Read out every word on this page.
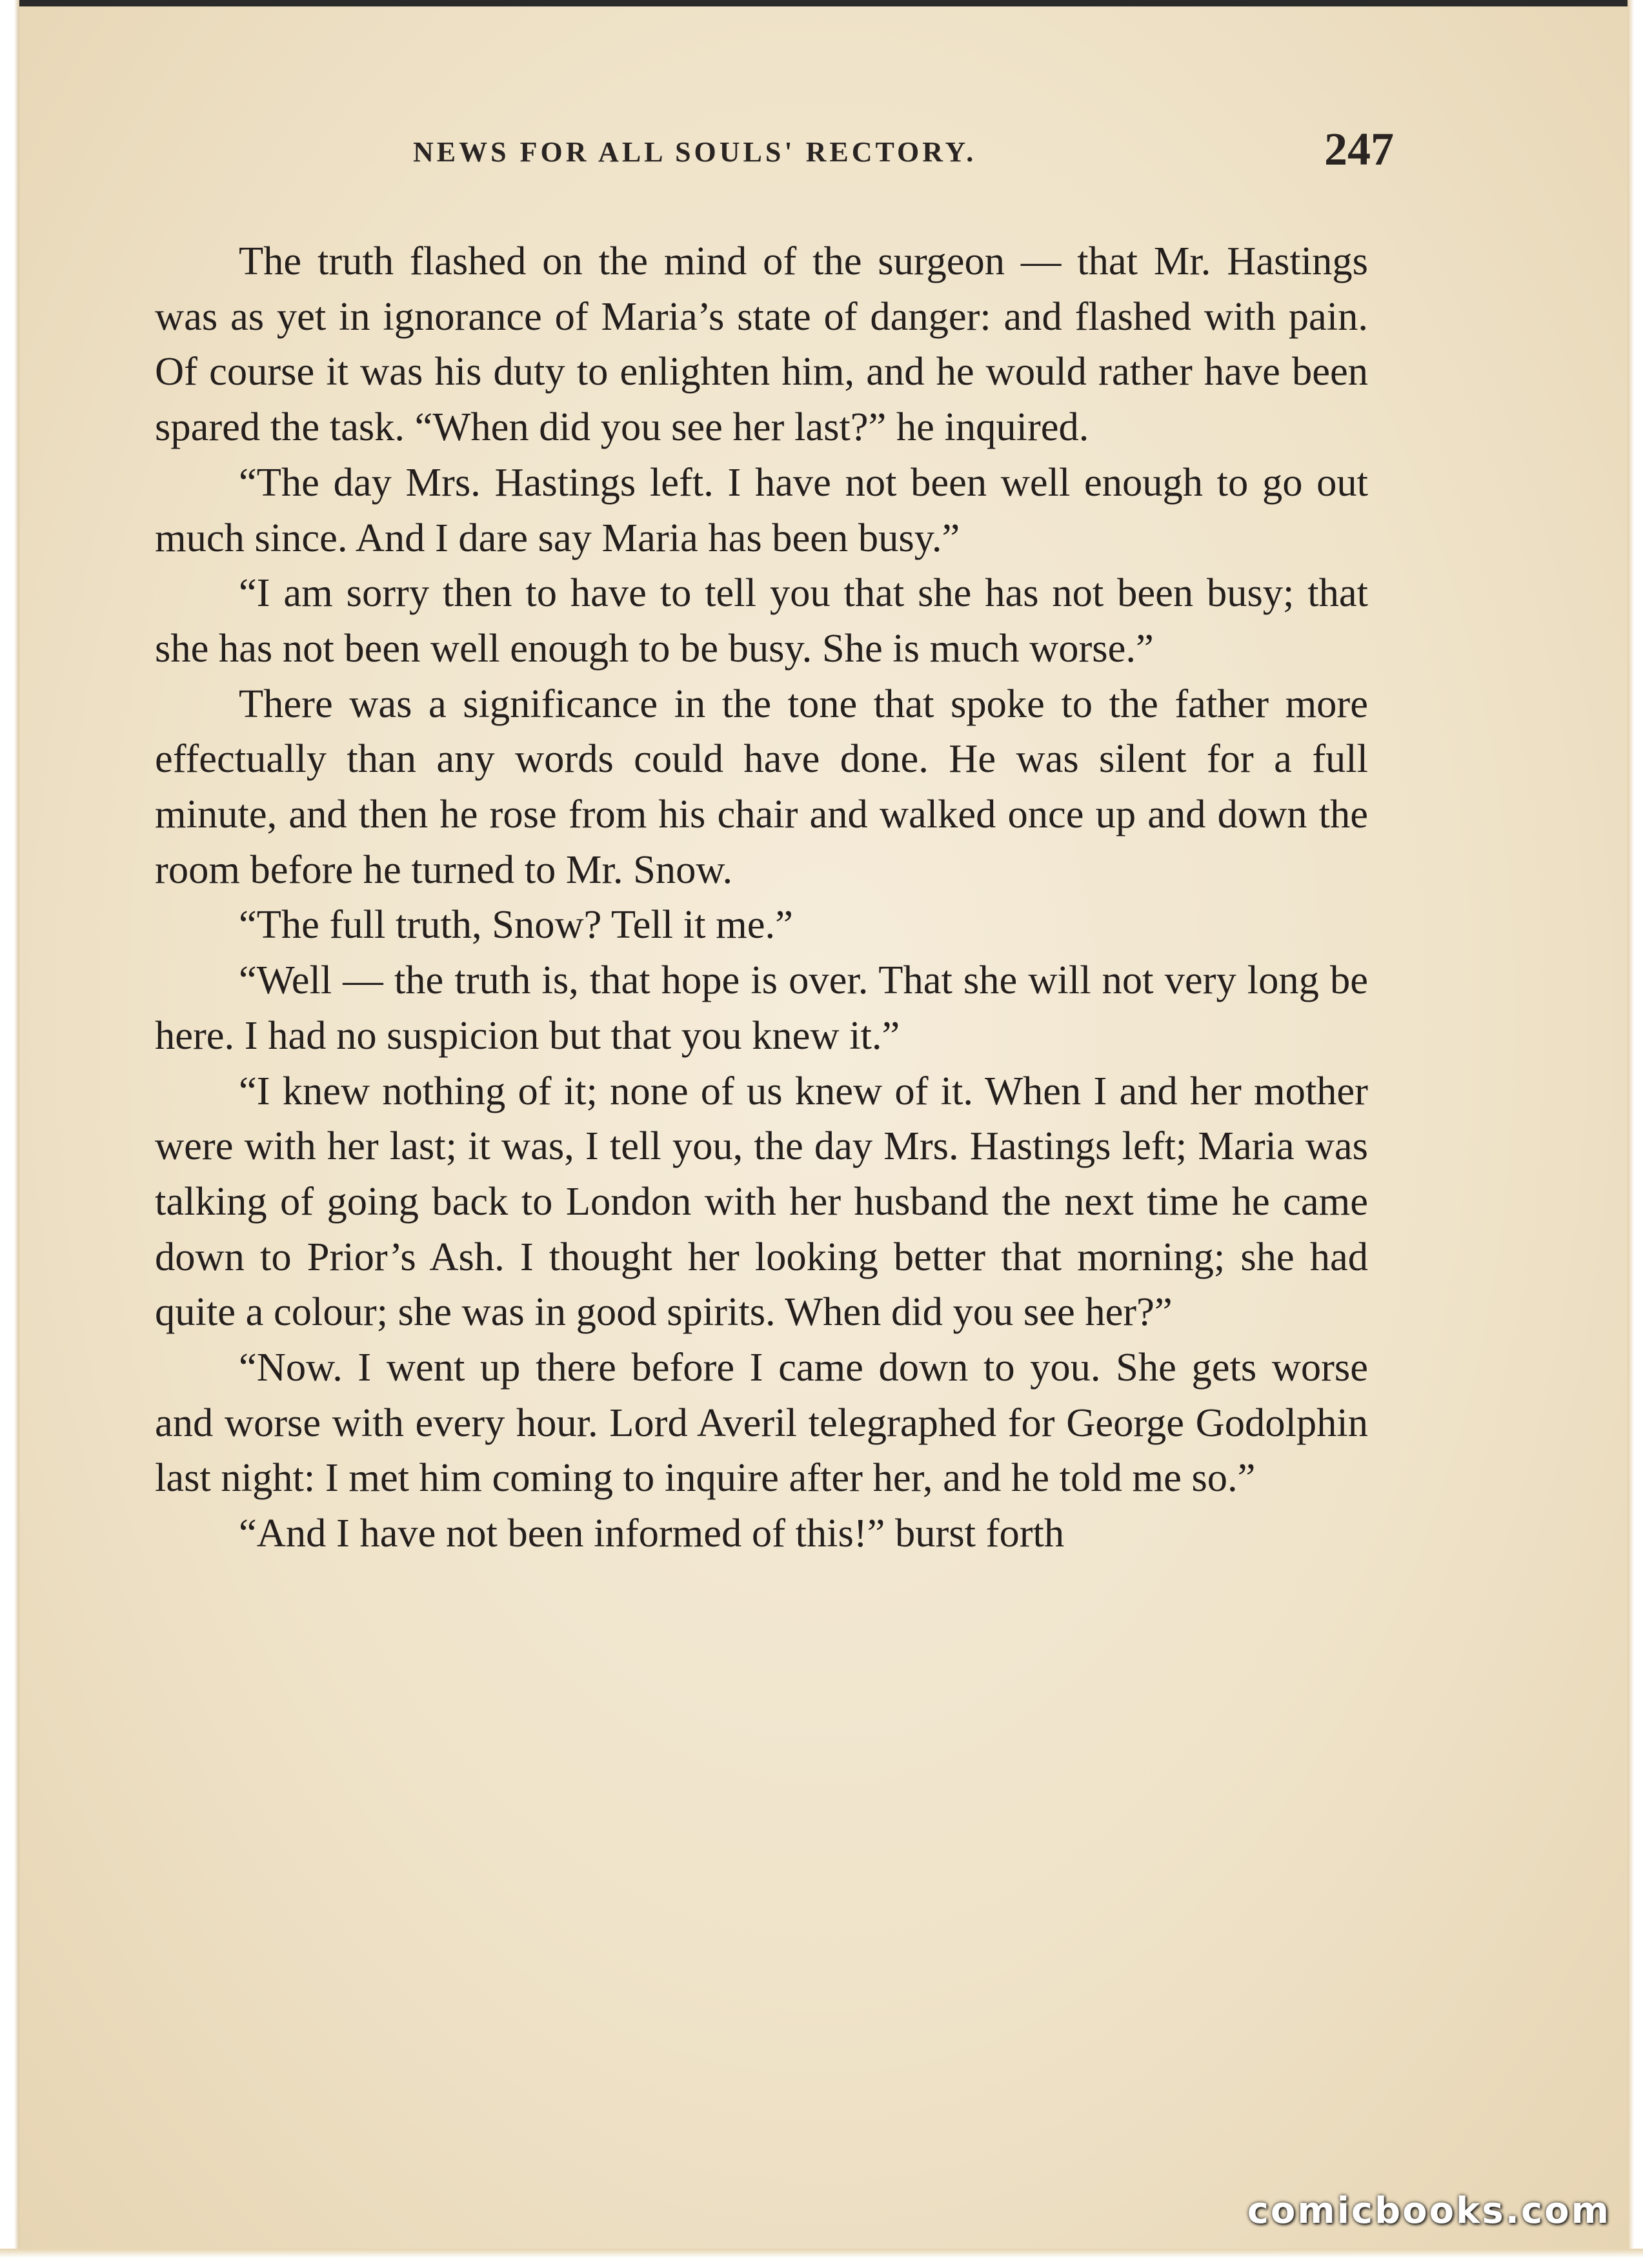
NEWS FOR ALL SOULS' RECTORY.	247

The truth flashed on the mind of the surgeon — that Mr. Hastings was as yet in ignorance of Maria’s state of danger: and flashed with pain. Of course it was his duty to enlighten him, and he would rather have been spared the task. “When did you see her last?” he inquired.

“The day Mrs. Hastings left. I have not been well enough to go out much since. And I dare say Maria has been busy.”

“I am sorry then to have to tell you that she has not been busy; that she has not been well enough to be busy. She is much worse.”

There was a significance in the tone that spoke to the father more effectually than any words could have done. He was silent for a full minute, and then he rose from his chair and walked once up and down the room before he turned to Mr. Snow.

“The full truth, Snow? Tell it me.”

“Well — the truth is, that hope is over. That she will not very long be here. I had no suspicion but that you knew it.”

“I knew nothing of it; none of us knew of it. When I and her mother were with her last; it was, I tell you, the day Mrs. Hastings left; Maria was talking of going back to London with her husband the next time he came down to Prior’s Ash. I thought her looking better that morning; she had quite a colour; she was in good spirits. When did you see her?”

“Now. I went up there before I came down to you. She gets worse and worse with every hour. Lord Averil telegraphed for George Godolphin last night: I met him coming to inquire after her, and he told me so.”

“And I have not been informed of this!” burst forth

comicbooks.com
